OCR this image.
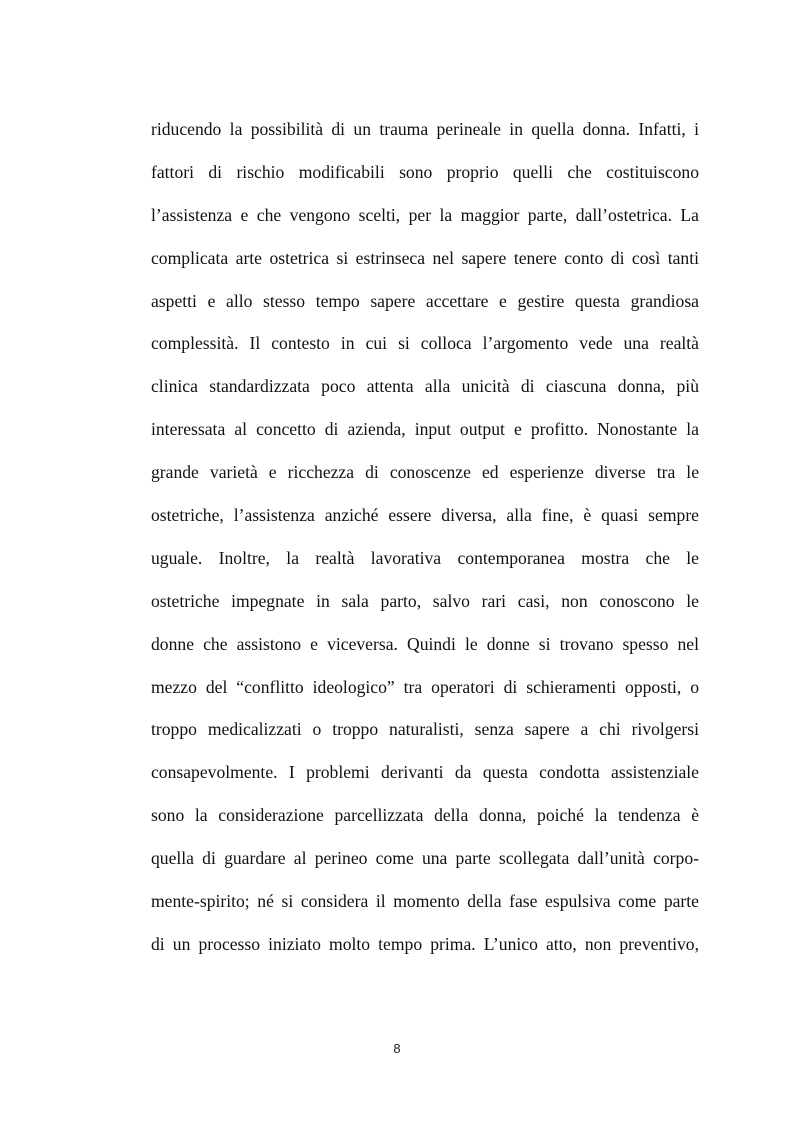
riducendo la possibilità di un trauma perineale in quella donna. Infatti, i
fattori di rischio modificabili sono proprio quelli che costituiscono
l’assistenza e che vengono scelti, per la maggior parte, dall’ostetrica. La
complicata arte ostetrica si estrinseca nel sapere tenere conto di così tanti
aspetti e allo stesso tempo sapere accettare e gestire questa grandiosa
complessità. Il contesto in cui si colloca l’argomento vede una realtà
clinica standardizzata poco attenta alla unicità di ciascuna donna, più
interessata al concetto di azienda, input output e profitto. Nonostante la
grande varietà e ricchezza di conoscenze ed esperienze diverse tra le
ostetriche, l’assistenza anziché essere diversa, alla fine, è quasi sempre
uguale. Inoltre, la realtà lavorativa contemporanea mostra che le
ostetriche impegnate in sala parto, salvo rari casi, non conoscono le
donne che assistono e viceversa. Quindi le donne si trovano spesso nel
mezzo del “conflitto ideologico” tra operatori di schieramenti opposti, o
troppo medicalizzati o troppo naturalisti, senza sapere a chi rivolgersi
consapevolmente. I problemi derivanti da questa condotta assistenziale
sono la considerazione parcellizzata della donna, poiché la tendenza è
quella di guardare al perineo come una parte scollegata dall’unità corpo-
mente-spirito; né si considera il momento della fase espulsiva come parte
di un processo iniziato molto tempo prima. L’unico atto, non preventivo,
8
